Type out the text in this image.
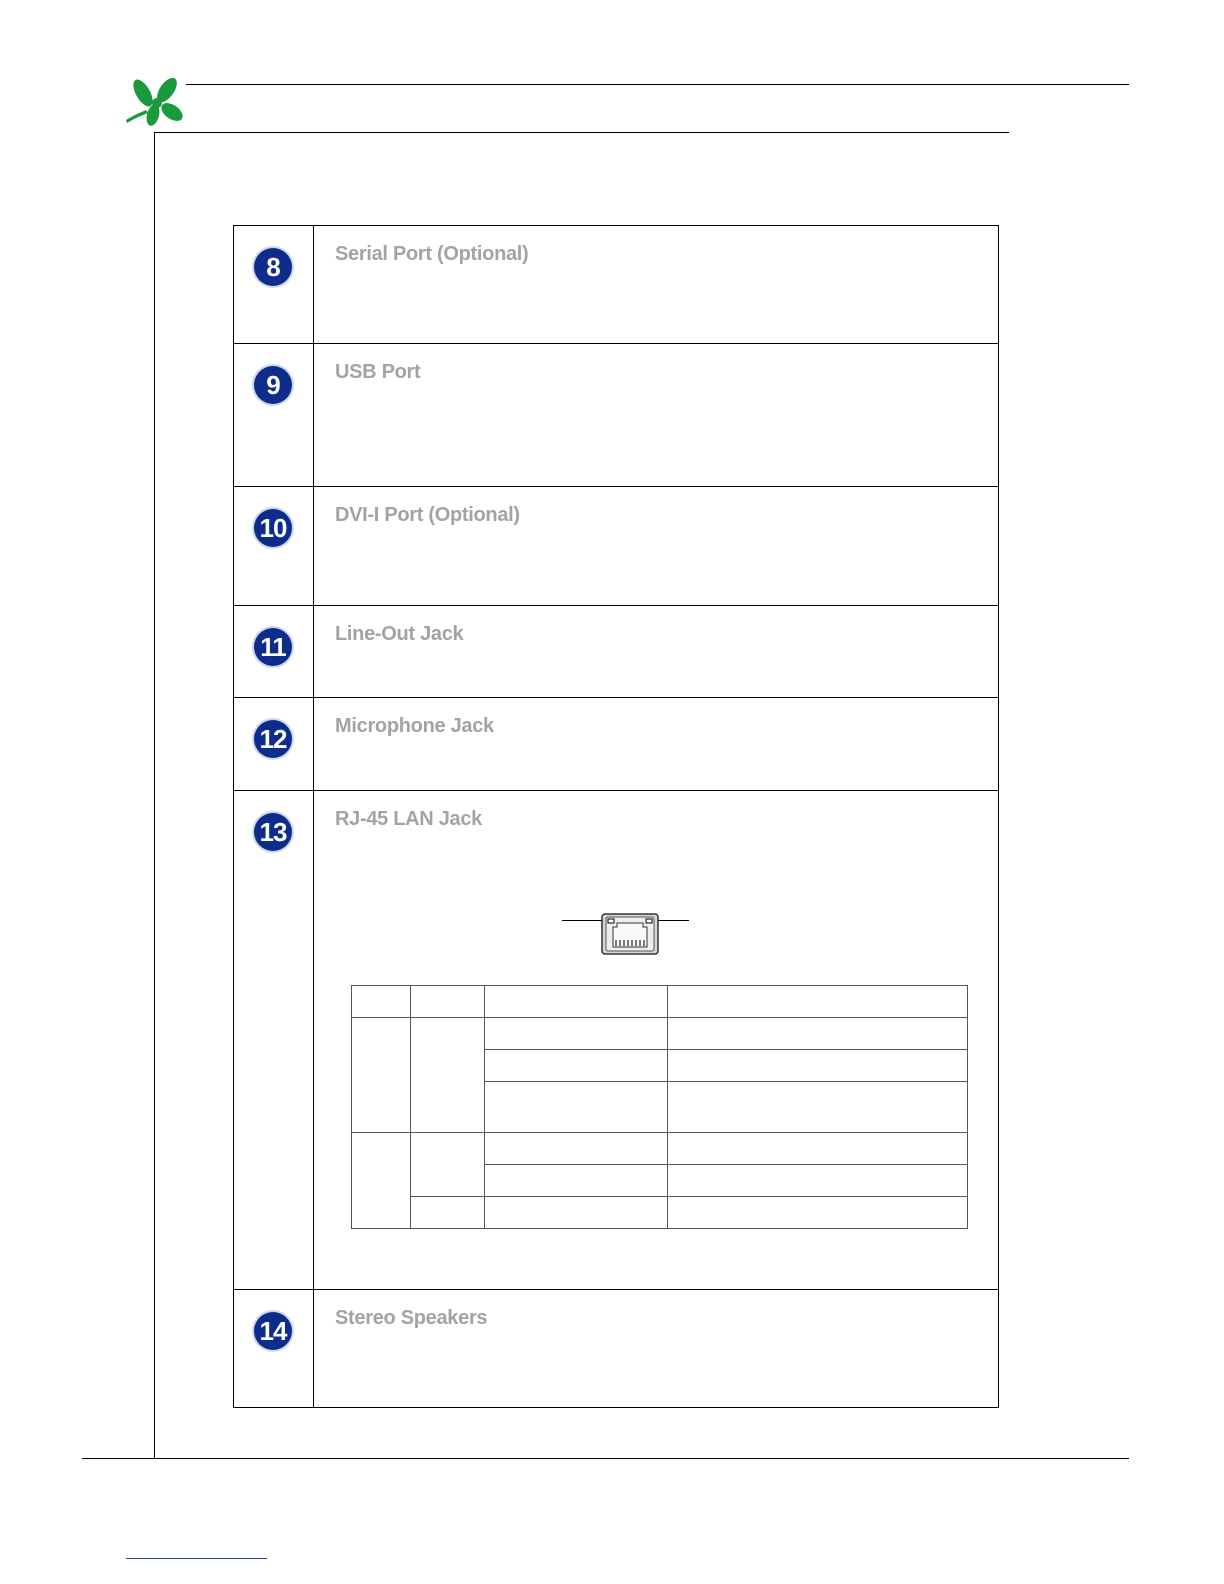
8	Serial Port (Optional)

9	USB Port

10	DVI-I Port (Optional)

11	Line-Out Jack

12	Microphone Jack

13	RJ-45 LAN Jack

14	Stereo Speakers
